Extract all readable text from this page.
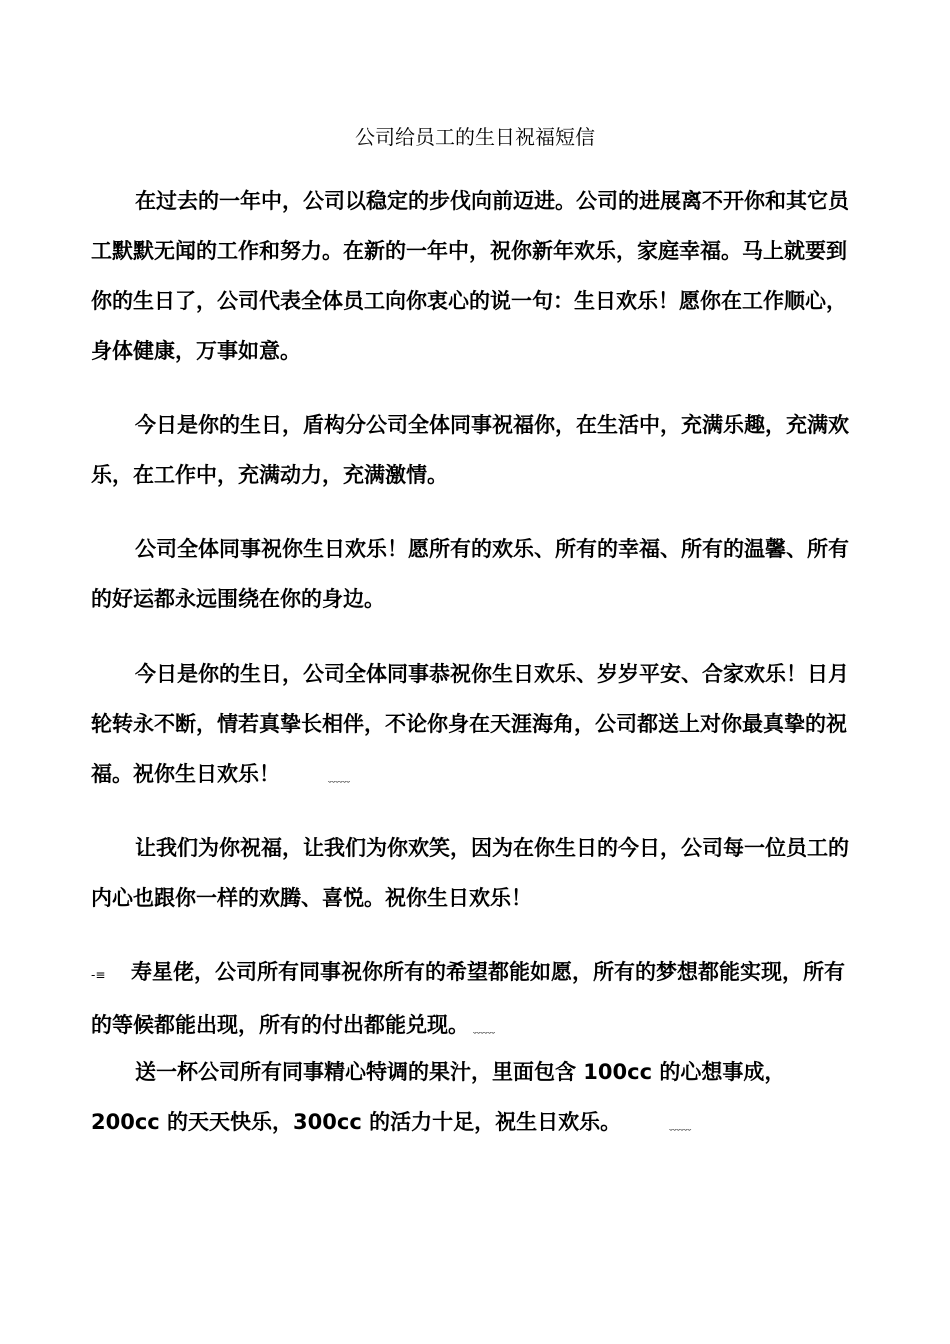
公司给员工的生日祝福短信

在过去的一年中，公司以稳定的步伐向前迈进。公司的进展离不开你和其它员工默默无闻的工作和努力。在新的一年中，祝你新年欢乐，家庭幸福。马上就要到你的生日了，公司代表全体员工向你衷心的说一句：生日欢乐！愿你在工作顺心，身体健康，万事如意。

今日是你的生日，盾构分公司全体同事祝福你，在生活中，充满乐趣，充满欢乐，在工作中，充满动力，充满激情。

公司全体同事祝你生日欢乐！愿所有的欢乐、所有的幸福、所有的温馨、所有的好运都永远围绕在你的身边。

今日是你的生日，公司全体同事恭祝你生日欢乐、岁岁平安、合家欢乐！日月轮转永不断，情若真挚长相伴，不论你身在天涯海角，公司都送上对你最真挚的祝福。祝你生日欢乐！	﹏﹏

让我们为你祝福，让我们为你欢笑，因为在你生日的今日，公司每一位员工的内心也跟你一样的欢腾、喜悦。祝你生日欢乐！

-≡ 寿星佬，公司所有同事祝你所有的希望都能如愿，所有的梦想都能实现，所有的等候都能出现，所有的付出都能兑现。 ﹏﹏

送一杯公司所有同事精心特调的果汁，里面包含 100cc 的心想事成，200cc 的天天快乐，300cc 的活力十足，祝生日欢乐。	﹏﹏
